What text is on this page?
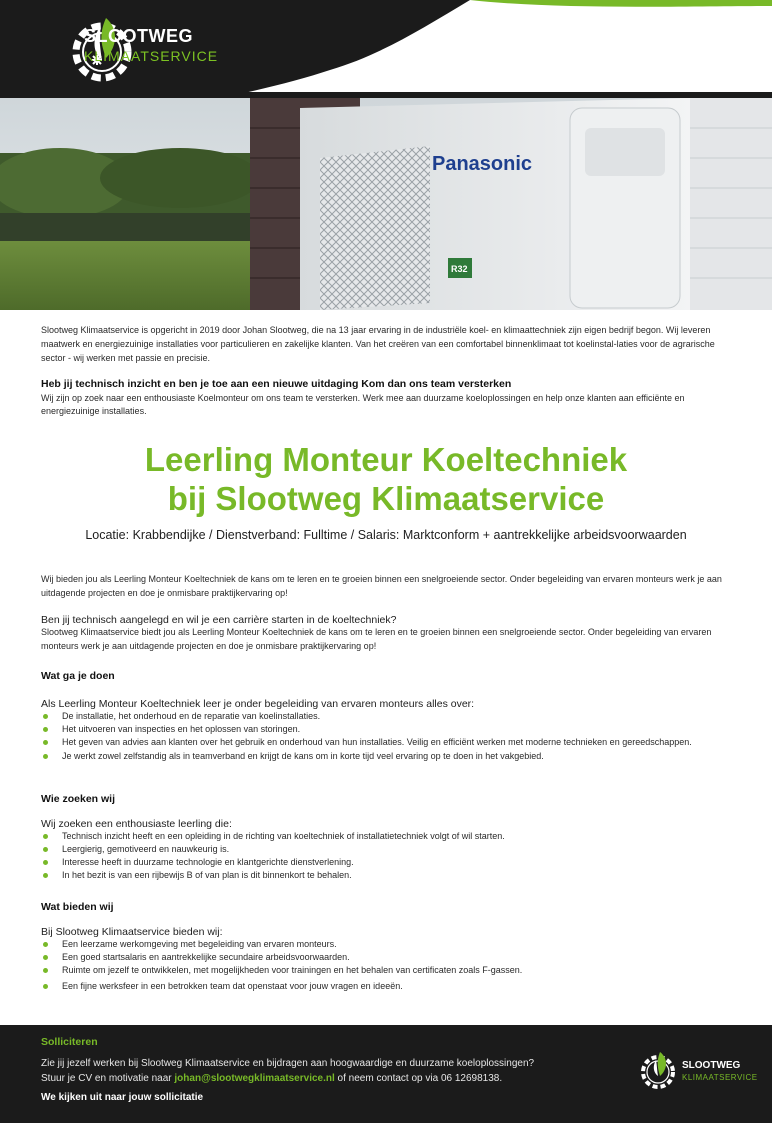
SLOOTWEG
KLIMAATSERVICE
Panasonic
R32
Slootweg Klimaatservice is opgericht in 2019 door Johan Slootweg, die na 13 jaar ervaring in de industriële koel- en klimaattechniek zijn eigen bedrijf begon. Wij leveren maatwerk en energiezuinige installaties voor particulieren en zakelijke klanten. Van het creëren van een comfortabel binnenklimaat tot koelinstal-laties voor de agrarische sector - wij werken met passie en precisie.
Heb jij technisch inzicht en ben je toe aan een nieuwe uitdaging Kom dan ons team versterken

Wij zijn op zoek naar een enthousiaste Koelmonteur om ons team te versterken. Werk mee aan duurzame koeloplossingen en help onze klanten aan efficiënte en energiezuinige installaties.

Leerling Monteur Koeltechniek
bij Slootweg Klimaatservice
Locatie: Krabbendijke / Dienstverband: Fulltime / Salaris: Marktconform + aantrekkelijke arbeidsvoorwaarden
Wij bieden jou als Leerling Monteur Koeltechniek de kans om te leren en te groeien binnen een snelgroeiende sector. Onder begeleiding van ervaren monteurs werk je aan uitdagende projecten en doe je onmisbare praktijkervaring op!
Ben jij technisch aangelegd en wil je een carrière starten in de koeltechniek?
Slootweg Klimaatservice biedt jou als Leerling Monteur Koeltechniek de kans om te leren en te groeien binnen een snelgroeiende sector. Onder begeleiding van ervaren monteurs werk je aan uitdagende projecten en doe je onmisbare praktijkervaring op!
Wat ga je doen
Als Leerling Monteur Koeltechniek leer je onder begeleiding van ervaren monteurs alles over:
De installatie, het onderhoud en de reparatie van koelinstallaties.
Het uitvoeren van inspecties en het oplossen van storingen.
Het geven van advies aan klanten over het gebruik en onderhoud van hun installaties. Veilig en efficiënt werken met moderne technieken en gereedschappen.
Je werkt zowel zelfstandig als in teamverband en krijgt de kans om in korte tijd veel ervaring op te doen in het vakgebied.
Wie zoeken wij
Wij zoeken een enthousiaste leerling die:
Technisch inzicht heeft en een opleiding in de richting van koeltechniek of installatietechniek volgt of wil starten.
Leergierig, gemotiveerd en nauwkeurig is.
Interesse heeft in duurzame technologie en klantgerichte dienstverlening.
In het bezit is van een rijbewijs B of van plan is dit binnenkort te behalen.
Wat bieden wij
Bij Slootweg Klimaatservice bieden wij:
Een leerzame werkomgeving met begeleiding van ervaren monteurs.
Een goed startsalaris en aantrekkelijke secundaire arbeidsvoorwaarden.
Ruimte om jezelf te ontwikkelen, met mogelijkheden voor trainingen en het behalen van certificaten zoals F-gassen.
Een fijne werksfeer in een betrokken team dat openstaat voor jouw vragen en ideeën.
Solliciteren
Zie jij jezelf werken bij Slootweg Klimaatservice en bijdragen aan hoogwaardige en duurzame koeloplossingen?
Stuur je CV en motivatie naar johan@slootwegklimaatservice.nl of neem contact op via 06 12698138.
We kijken uit naar jouw sollicitatie
SLOOTWEG
KLIMAATSERVICE
